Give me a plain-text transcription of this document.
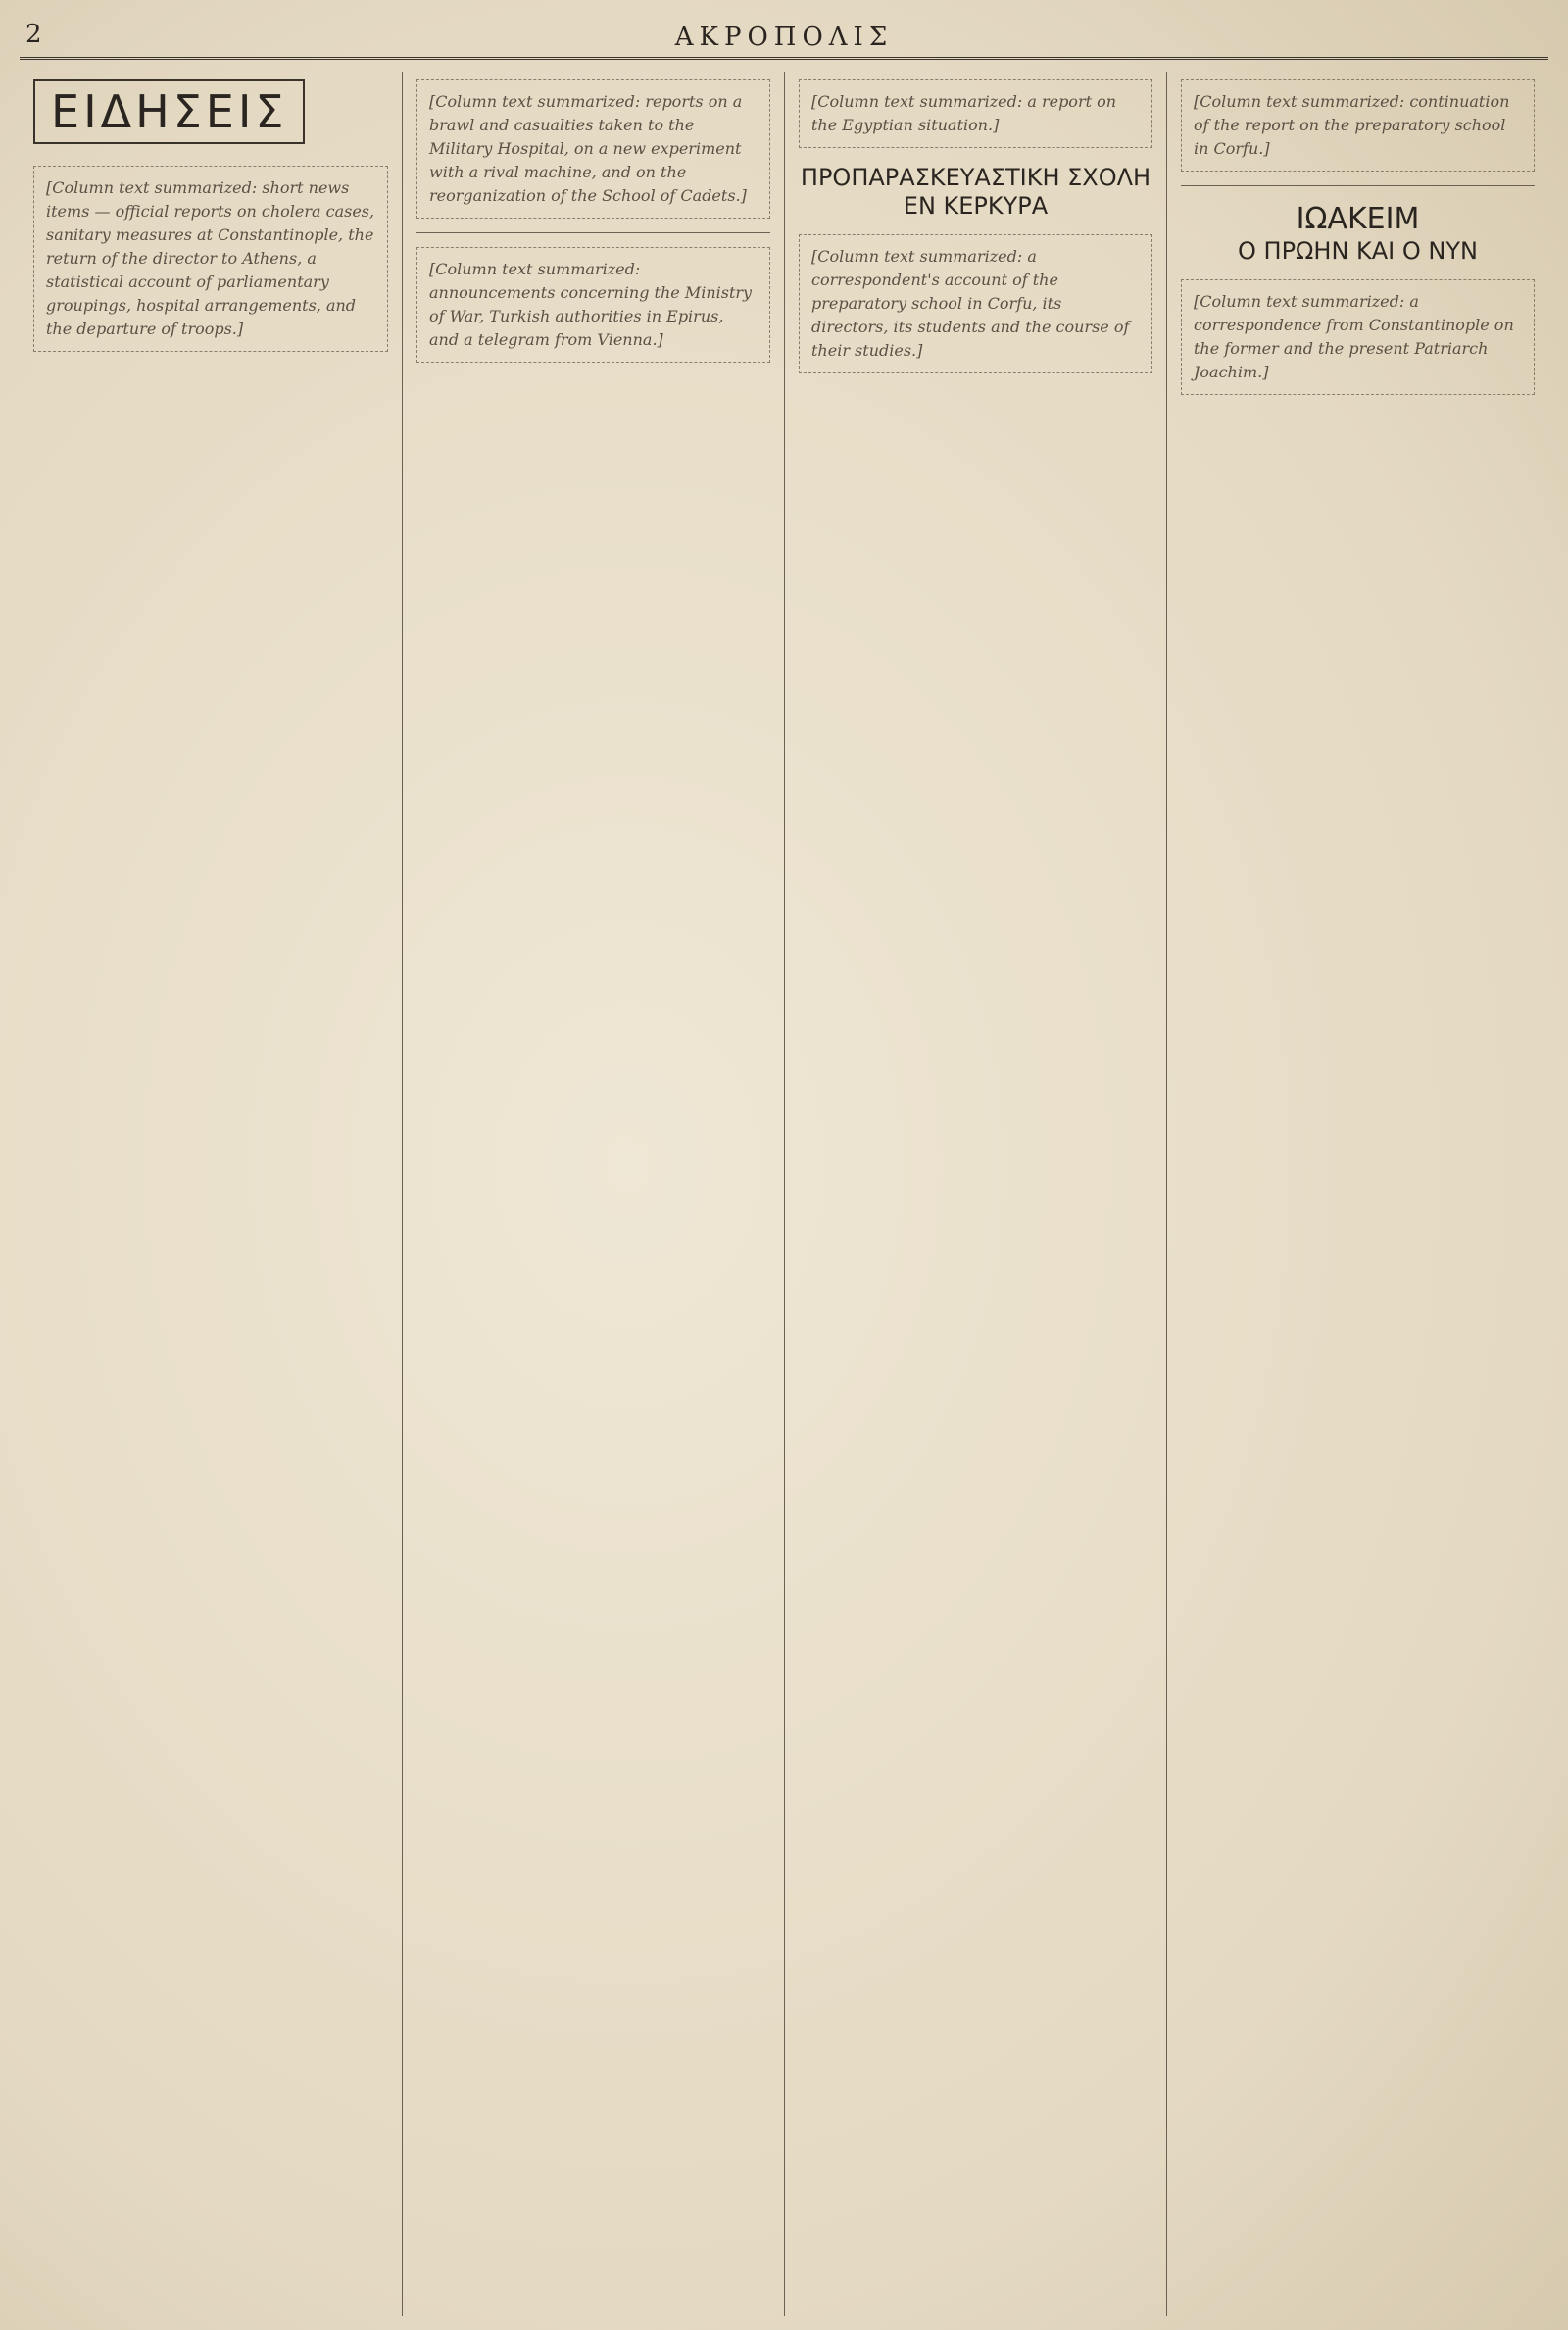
2	ΑΚΡΟΠΟΛΙΣ
ΕΙΔΗΣΕΙΣ
[Column text summarized: short news items — official reports on cholera cases, sanitary measures at Constantinople, the return of the director to Athens, a statistical account of parliamentary groupings, hospital arrangements, and the departure of troops.]
[Column text summarized: reports on a brawl and casualties taken to the Military Hospital, on a new experiment with a rival machine, and on the reorganization of the School of Cadets.]
[Column text summarized: announcements concerning the Ministry of War, Turkish authorities in Epirus, and a telegram from Vienna.]
[Column text summarized: a report on the Egyptian situation.]
ΠΡΟΠΑΡΑΣΚΕΥΑΣΤΙΚΗ ΣΧΟΛΗ
ΕΝ ΚΕΡΚΥΡΑ
[Column text summarized: a correspondent's account of the preparatory school in Corfu, its directors, its students and the course of their studies.]
[Column text summarized: continuation of the report on the preparatory school in Corfu.]
ΙΩΑΚΕΙΜ
Ο ΠΡΩΗΝ ΚΑΙ Ο ΝΥΝ
[Column text summarized: a correspondence from Constantinople on the former and the present Patriarch Joachim.]
